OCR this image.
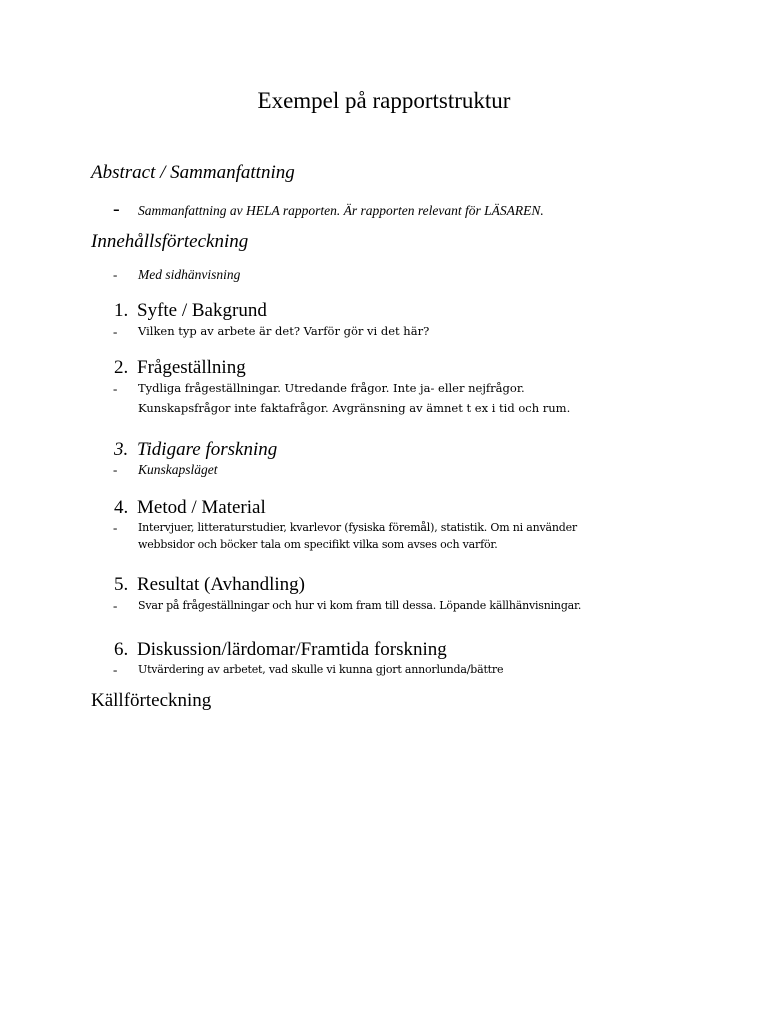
Exempel på rapportstruktur
Abstract / Sammanfattning
- Sammanfattning av HELA rapporten. Är rapporten relevant för LÄSAREN.
Innehållsförteckning
- Med sidhänvisning
1. Syfte / Bakgrund
- Vilken typ av arbete är det? Varför gör vi det här?
2. Frågeställning
- Tydliga frågeställningar. Utredande frågor. Inte ja- eller nejfrågor.
Kunskapsfrågor inte faktafrågor. Avgränsning av ämnet t ex i tid och rum.
3. Tidigare forskning
- Kunskapsläget
4. Metod / Material
- Intervjuer, litteraturstudier, kvarlevor (fysiska föremål), statistik. Om ni använder
webbsidor och böcker tala om specifikt vilka som avses och varför.
5. Resultat (Avhandling)
- Svar på frågeställningar och hur vi kom fram till dessa. Löpande källhänvisningar.
6. Diskussion/lärdomar/Framtida forskning
- Utvärdering av arbetet, vad skulle vi kunna gjort annorlunda/bättre
Källförteckning
